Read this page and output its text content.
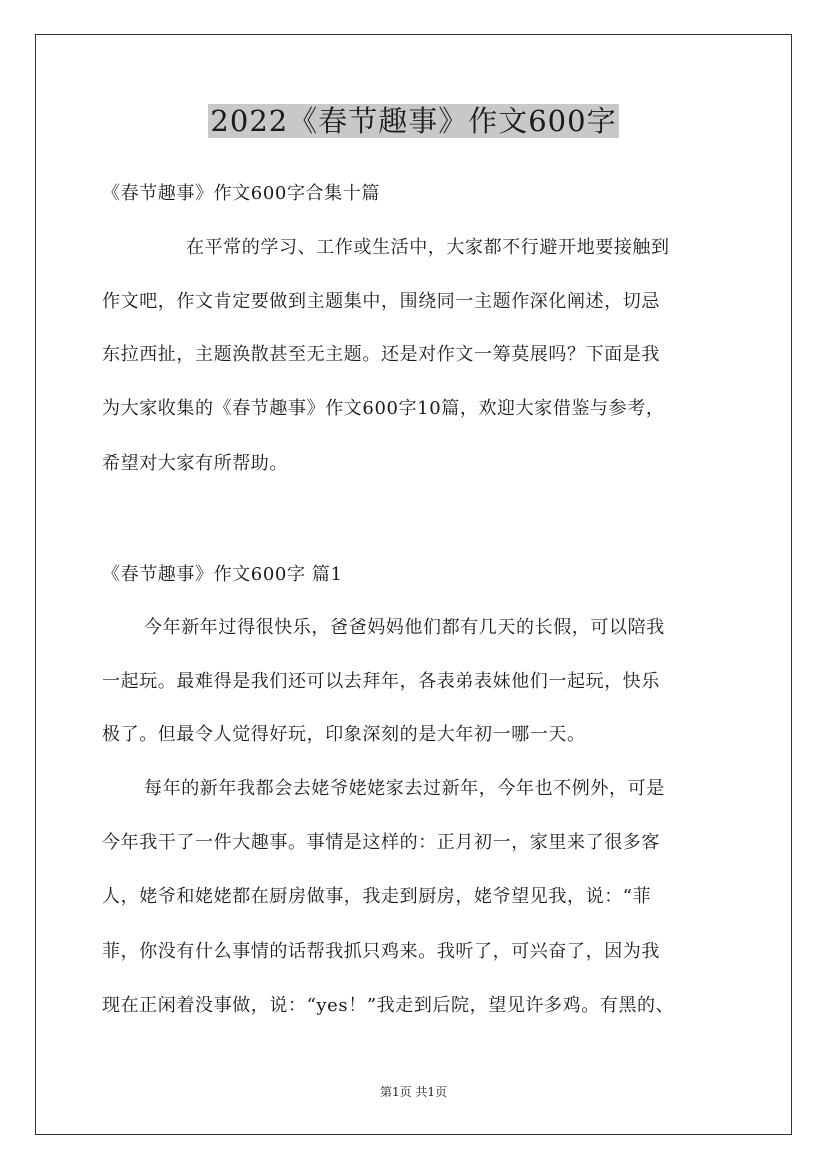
2022《春节趣事》作文600字

《春节趣事》作文600字合集十篇

在平常的学习、工作或生活中，大家都不行避开地要接触到

作文吧，作文肯定要做到主题集中，围绕同一主题作深化阐述，切忌

东拉西扯，主题涣散甚至无主题。还是对作文一筹莫展吗？下面是我

为大家收集的《春节趣事》作文600字10篇，欢迎大家借鉴与参考，

希望对大家有所帮助。

《春节趣事》作文600字 篇1

今年新年过得很快乐，爸爸妈妈他们都有几天的长假，可以陪我

一起玩。最难得是我们还可以去拜年，各表弟表妹他们一起玩，快乐

极了。但最令人觉得好玩，印象深刻的是大年初一哪一天。

每年的新年我都会去姥爷姥姥家去过新年，今年也不例外，可是

今年我干了一件大趣事。事情是这样的：正月初一，家里来了很多客

人，姥爷和姥姥都在厨房做事，我走到厨房，姥爷望见我，说：“菲

菲，你没有什么事情的话帮我抓只鸡来。我听了，可兴奋了，因为我

现在正闲着没事做，说：“yes！”我走到后院，望见许多鸡。有黑的、

第1页 共1页
